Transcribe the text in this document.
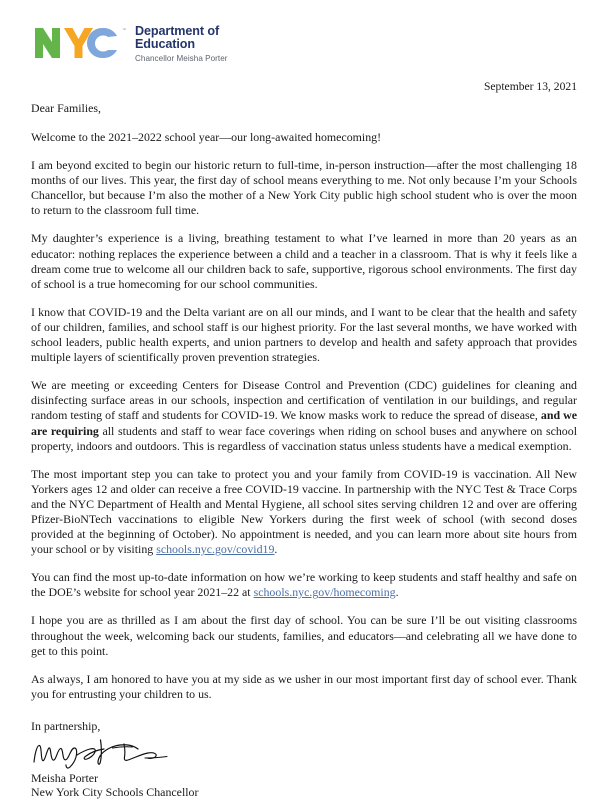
™ Department of
Education
Chancellor Meisha Porter
September 13, 2021

Dear Families,

Welcome to the 2021–2022 school year—our long-awaited homecoming!

I am beyond excited to begin our historic return to full-time, in-person instruction—after the most challenging 18 months of our lives. This year, the first day of school means everything to me. Not only because I’m your Schools Chancellor, but because I’m also the mother of a New York City public high school student who is over the moon to return to the classroom full time.

My daughter’s experience is a living, breathing testament to what I’ve learned in more than 20 years as an educator: nothing replaces the experience between a child and a teacher in a classroom. That is why it feels like a dream come true to welcome all our children back to safe, supportive, rigorous school environments. The first day of school is a true homecoming for our school communities.

I know that COVID-19 and the Delta variant are on all our minds, and I want to be clear that the health and safety of our children, families, and school staff is our highest priority. For the last several months, we have worked with school leaders, public health experts, and union partners to develop and health and safety approach that provides multiple layers of scientifically proven prevention strategies.

We are meeting or exceeding Centers for Disease Control and Prevention (CDC) guidelines for cleaning and disinfecting surface areas in our schools, inspection and certification of ventilation in our buildings, and regular random testing of staff and students for COVID-19. We know masks work to reduce the spread of disease, and we are requiring all students and staff to wear face coverings when riding on school buses and anywhere on school property, indoors and outdoors. This is regardless of vaccination status unless students have a medical exemption.

The most important step you can take to protect you and your family from COVID-19 is vaccination. All New Yorkers ages 12 and older can receive a free COVID-19 vaccine. In partnership with the NYC Test & Trace Corps and the NYC Department of Health and Mental Hygiene, all school sites serving children 12 and over are offering Pfizer-BioNTech vaccinations to eligible New Yorkers during the first week of school (with second doses provided at the beginning of October). No appointment is needed, and you can learn more about site hours from your school or by visiting schools.nyc.gov/covid19.

You can find the most up-to-date information on how we’re working to keep students and staff healthy and safe on the DOE’s website for school year 2021–22 at schools.nyc.gov/homecoming.

I hope you are as thrilled as I am about the first day of school. You can be sure I’ll be out visiting classrooms throughout the week, welcoming back our students, families, and educators—and celebrating all we have done to get to this point.

As always, I am honored to have you at my side as we usher in our most important first day of school ever. Thank you for entrusting your children to us.

In partnership,

Meisha Porter

New York City Schools Chancellor
